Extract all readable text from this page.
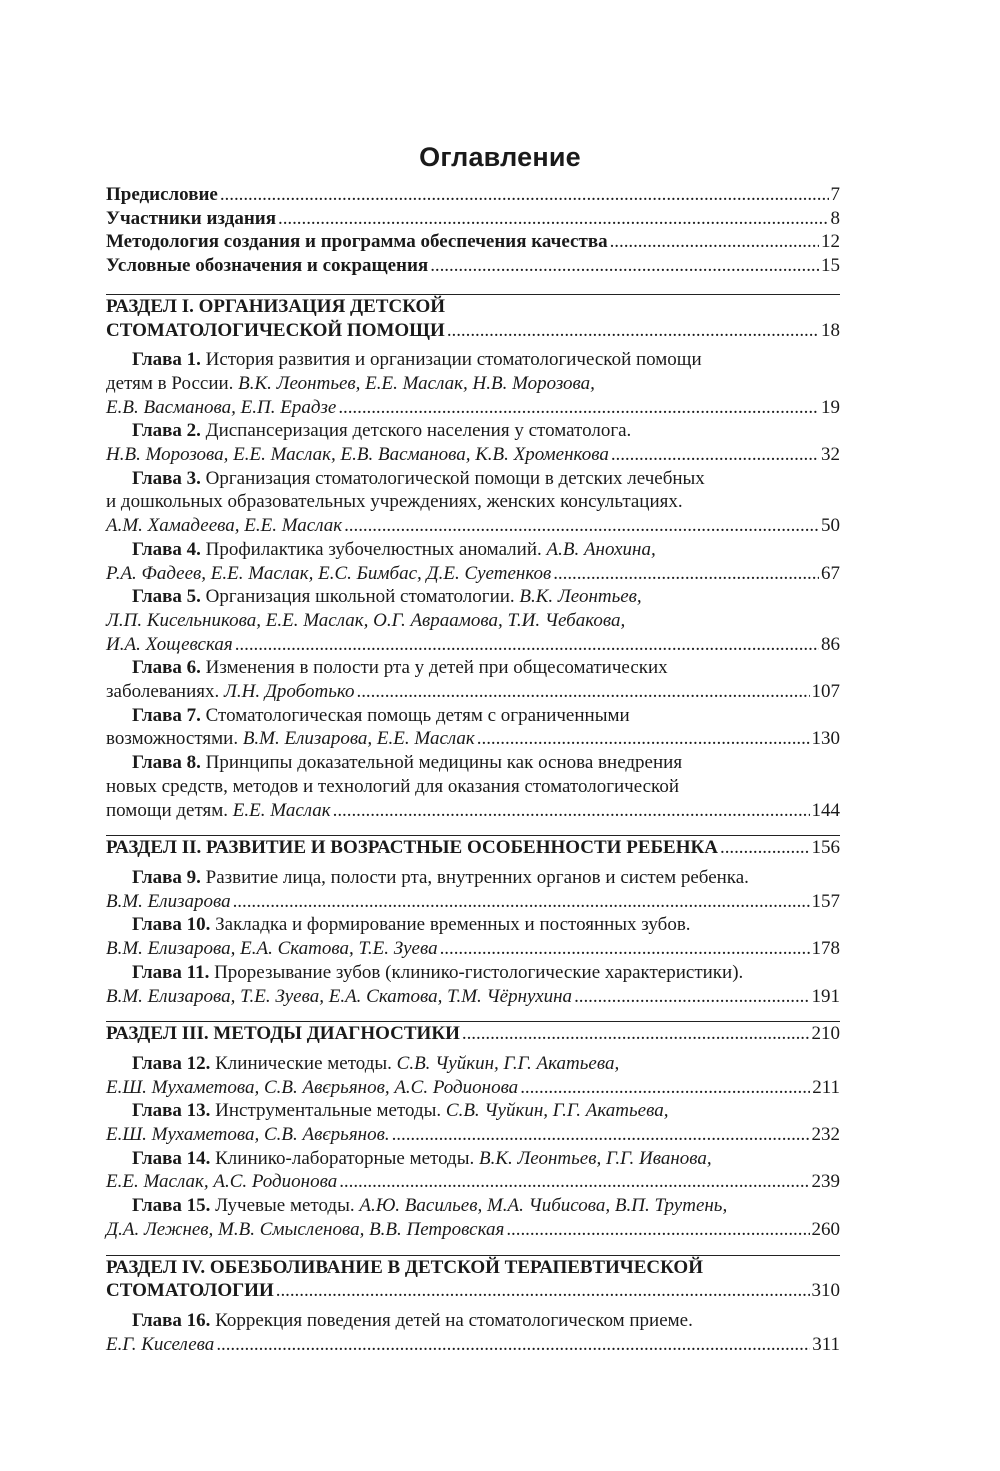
Оглавление
Предисловие . . .	7
Участники издания . . .	8
Методология создания и программа обеспечения качества . . .	12
Условные обозначения и сокращения . . .	15
РАЗДЕЛ I. ОРГАНИЗАЦИЯ ДЕТСКОЙ
СТОМАТОЛОГИЧЕСКОЙ ПОМОЩИ . . .	18
Глава 1. История развития и организации стоматологической помощи
детям в России. В.К. Леонтьев, Е.Е. Маслак, Н.В. Морозова,
Е.В. Васманова, Е.П. Ерадзе . . .	19
Глава 2. Диспансеризация детского населения у стоматолога.
Н.В. Морозова, Е.Е. Маслак, Е.В. Васманова, К.В. Хроменкова . . .	32
Глава 3. Организация стоматологической помощи в детских лечебных
и дошкольных образовательных учреждениях, женских консультациях.
А.М. Хамадеева, Е.Е. Маслак . . .	50
Глава 4. Профилактика зубочелюстных аномалий. А.В. Анохина,
Р.А. Фадеев, Е.Е. Маслак, Е.С. Бимбас, Д.Е. Суетенков . . .	67
Глава 5. Организация школьной стоматологии. В.К. Леонтьев,
Л.П. Кисельникова, Е.Е. Маслак, О.Г. Авраамова, Т.И. Чебакова,
И.А. Хощевская . . .	86
Глава 6. Изменения в полости рта у детей при общесоматических
заболеваниях. Л.Н. Дроботько . . .	107
Глава 7. Стоматологическая помощь детям с ограниченными
возможностями. В.М. Елизарова, Е.Е. Маслак . . .	130
Глава 8. Принципы доказательной медицины как основа внедрения
новых средств, методов и технологий для оказания стоматологической
помощи детям. Е.Е. Маслак . . .	144
РАЗДЕЛ II. РАЗВИТИЕ И ВОЗРАСТНЫЕ ОСОБЕННОСТИ РЕБЕНКА . . .	156
Глава 9. Развитие лица, полости рта, внутренних органов и систем ребенка.
В.М. Елизарова . . .	157
Глава 10. Закладка и формирование временных и постоянных зубов.
В.М. Елизарова, Е.А. Скатова, Т.Е. Зуева . . .	178
Глава 11. Прорезывание зубов (клинико-гистологические характеристики).
В.М. Елизарова, Т.Е. Зуева, Е.А. Скатова, Т.М. Чёрнухина . . .	191
РАЗДЕЛ III. МЕТОДЫ ДИАГНОСТИКИ . . .	210
Глава 12. Клинические методы. С.В. Чуйкин, Г.Г. Акатьева,
Е.Ш. Мухаметова, С.В. Авєрьянов, А.С. Родионова . . .	211
Глава 13. Инструментальные методы. С.В. Чуйкин, Г.Г. Акатьева,
Е.Ш. Мухаметова, С.В. Авєрьянов. . . .	232
Глава 14. Клинико-лабораторные методы. В.К. Леонтьев, Г.Г. Иванова,
Е.Е. Маслак, А.С. Родионова . . .	239
Глава 15. Лучевые методы. А.Ю. Васильев, М.А. Чибисова, В.П. Трутень,
Д.А. Лежнев, М.В. Смысленова, В.В. Петровская . . .	260
РАЗДЕЛ IV. ОБЕЗБОЛИВАНИЕ В ДЕТСКОЙ ТЕРАПЕВТИЧЕСКОЙ
СТОМАТОЛОГИИ . . .	310
Глава 16. Коррекция поведения детей на стоматологическом приеме.
Е.Г. Киселева . . .	311
